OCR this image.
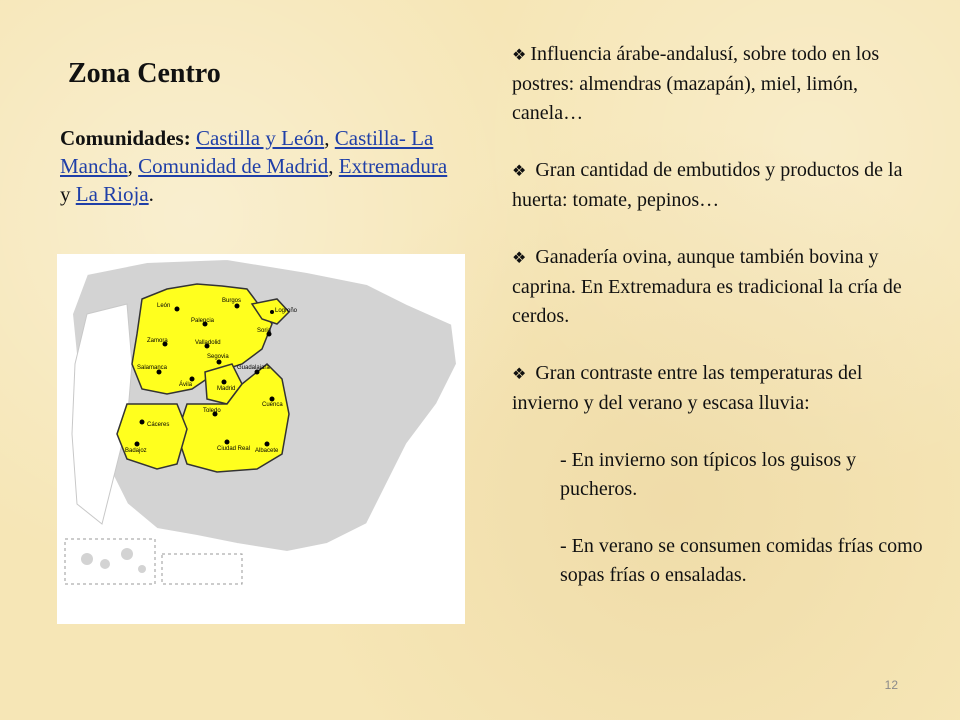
Zona Centro
Comunidades: Castilla y León, Castilla- La Mancha, Comunidad de Madrid, Extremadura y La Rioja.
León
Burgos
Logroño
Palencia
Soria
Zamora	Valladolid
Segovia
Guadalajara
Salamanca
Ávila
Madrid
Cuenca
Toledo
Cáceres
Badajoz	Ciudad Real Albacete

❖ Influencia árabe-andalusí, sobre todo en los postres: almendras (mazapán), miel, limón, canela…

❖ Gran cantidad de embutidos y productos de la huerta: tomate, pepinos…

❖ Ganadería ovina, aunque también bovina y caprina. En Extremadura es tradicional la cría de cerdos.

❖ Gran contraste entre las temperaturas del invierno y del verano y escasa lluvia:

- En invierno son típicos los guisos y pucheros.

- En verano se consumen comidas frías como sopas frías o ensaladas.

12
